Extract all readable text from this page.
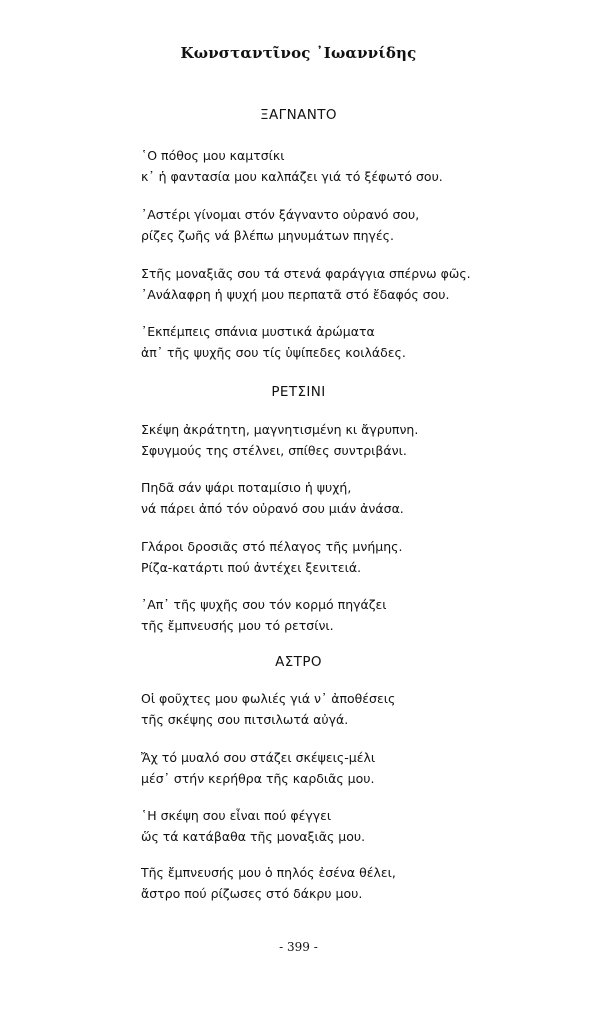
Κωνσταντῖνος ᾿Ιωαννίδης
ΞΑΓΝΑΝΤΟ
῾Ο πόθος μου καμτσίκι
κ᾿ ἡ φαντασία μου καλπάζει γιά τό ξέφωτό σου.
᾿Αστέρι γίνομαι στόν ξάγναντο οὐρανό σου,
ρίζες ζωῆς νά βλέπω μηνυμάτων πηγές.
Στῆς μοναξιᾶς σου τά στενά φαράγγια σπέρνω φῶς.
᾿Ανάλαφρη ἡ ψυχή μου περπατᾶ στό ἔδαφός σου.
᾿Εκπέμπεις σπάνια μυστικά ἀρώματα
ἀπ᾿ τῆς ψυχῆς σου τίς ὑψίπεδες κοιλάδες.
ΡΕΤΣΙΝΙ
Σκέψη ἀκράτητη, μαγνητισμένη κι ἄγρυπνη.
Σφυγμούς της στέλνει, σπίθες συντριβάνι.
Πηδᾶ σάν ψάρι ποταμίσιο ἡ ψυχή,
νά πάρει ἀπό τόν οὐρανό σου μιάν ἀνάσα.
Γλάροι δροσιᾶς στό πέλαγος τῆς μνήμης.
Ρίζα-κατάρτι πού ἀντέχει ξενιτειά.
᾿Απ᾿ τῆς ψυχῆς σου τόν κορμό πηγάζει
τῆς ἔμπνευσής μου τό ρετσίνι.
ΑΣΤΡΟ
Οἱ φοῦχτες μου φωλιές γιά ν᾿ ἀποθέσεις
τῆς σκέψης σου πιτσιλωτά αὐγά.
Ἄχ τό μυαλό σου στάζει σκέψεις-μέλι
μέσ᾿ στήν κερήθρα τῆς καρδιᾶς μου.
῾Η σκέψη σου εἶναι πού φέγγει
ὥς τά κατάβαθα τῆς μοναξιᾶς μου.
Τῆς ἔμπνευσής μου ὁ πηλός ἐσένα θέλει,
ἄστρο πού ρίζωσες στό δάκρυ μου.
- 399 -
